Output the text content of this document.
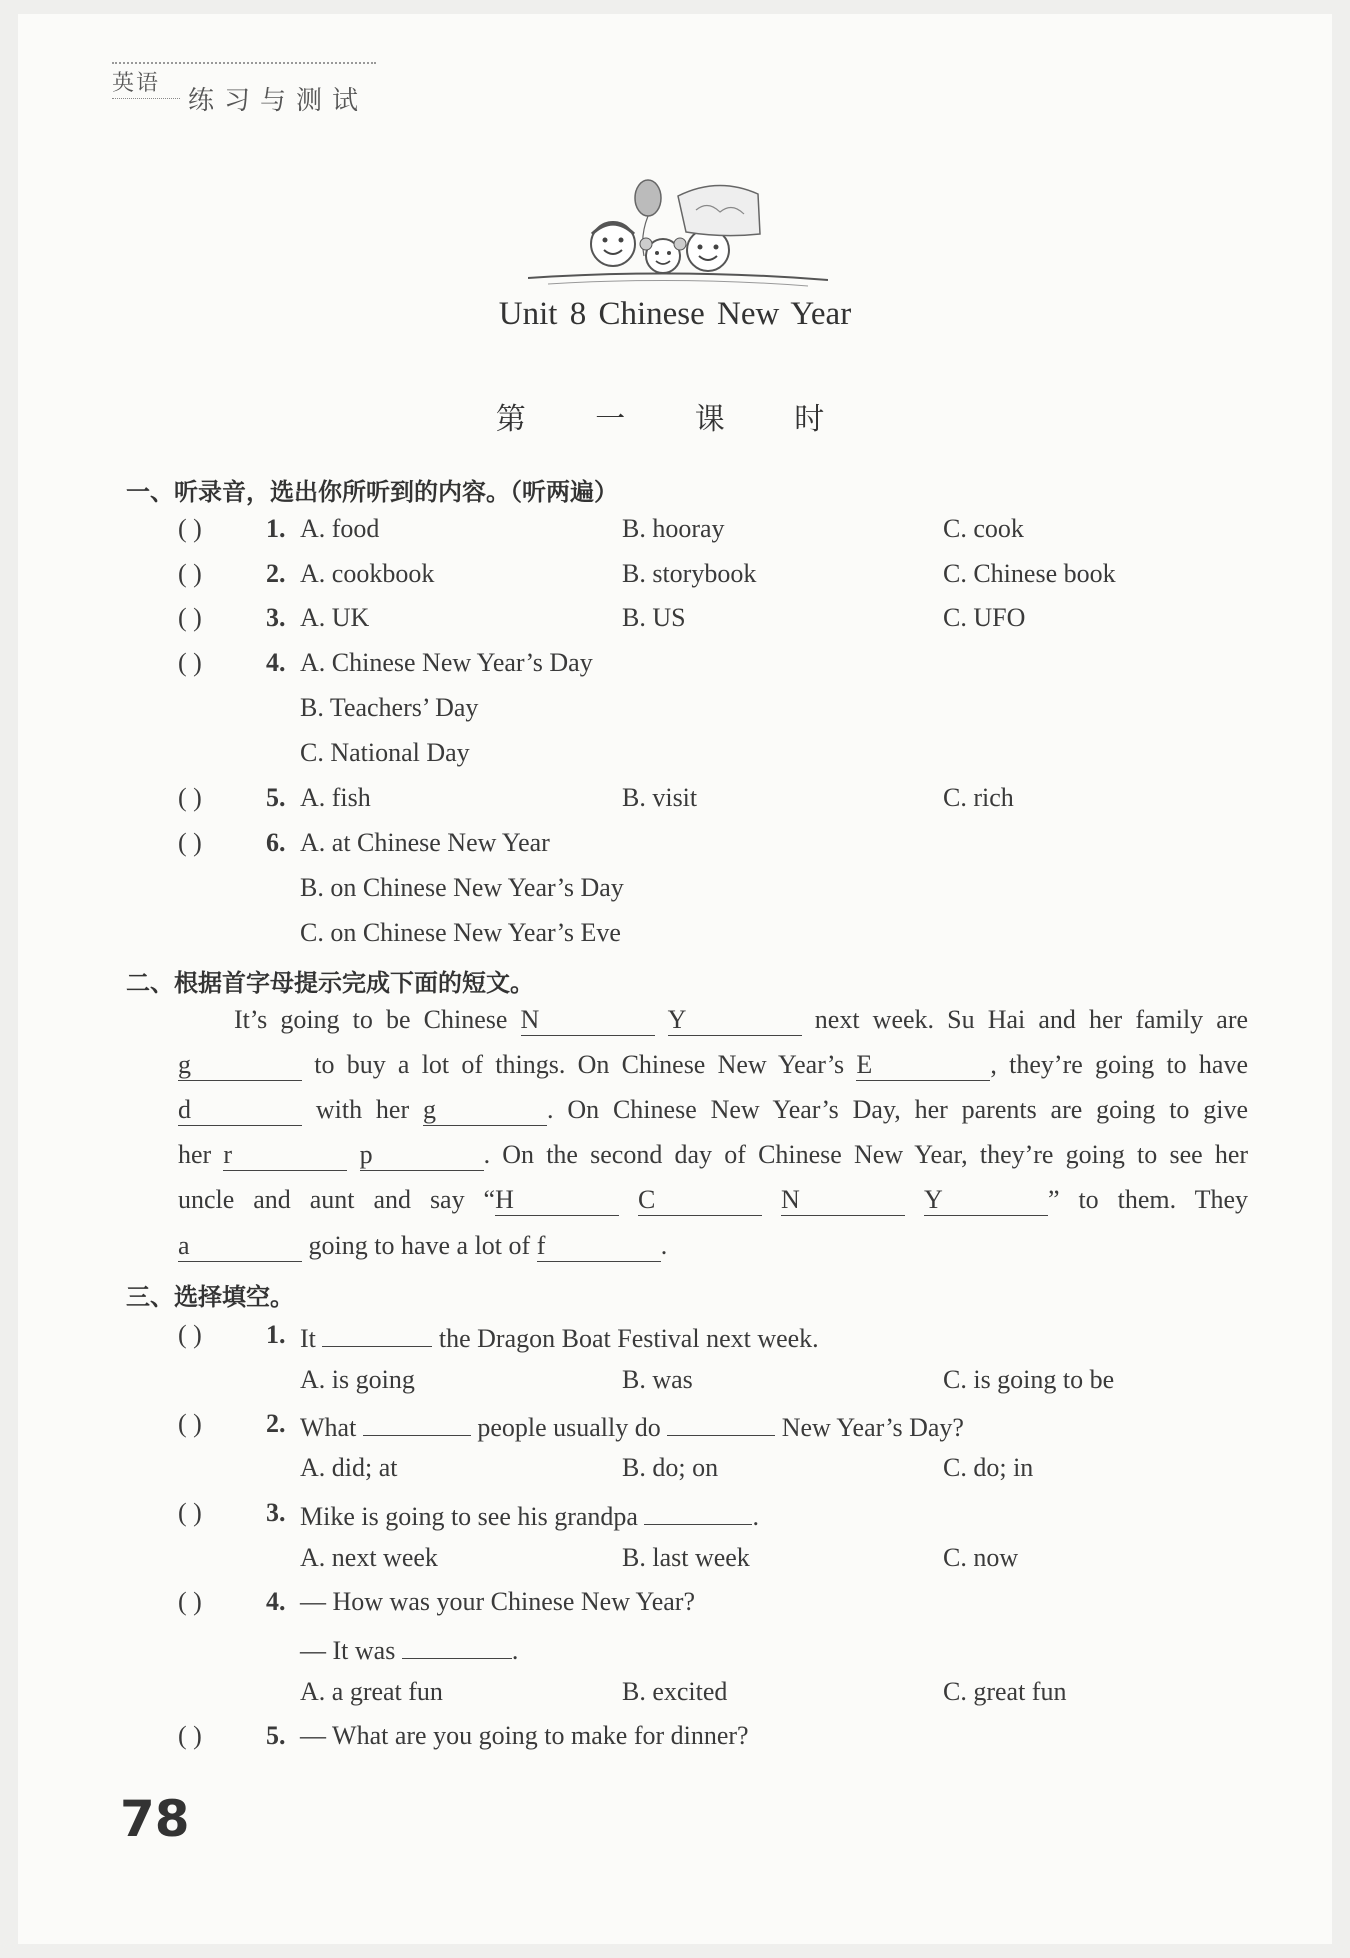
英语
练习与测试
Unit 8 Chinese New Year
第 一 课 时
一、听录音，选出你所听到的内容。（听两遍）
( ) 1. A. food	B. hooray	C. cook
( ) 2. A. cookbook	B. storybook	C. Chinese book
( ) 3. A. UK	B. US	C. UFO
( ) 4. A. Chinese New Year’s Day
B. Teachers’ Day
C. National Day
( ) 5. A. fish	B. visit	C. rich
( ) 6. A. at Chinese New Year
B. on Chinese New Year’s Day
C. on Chinese New Year’s Eve
二、根据首字母提示完成下面的短文。
It’s going to be Chinese N	Y	next week. Su Hai and her family are
g	to buy a lot of things. On Chinese New Year’s E	, they’re going to have
d	with her g	. On Chinese New Year’s Day, her parents are going to give
her r	p	. On the second day of Chinese New Year, they’re going to see her
uncle and aunt and say “H	C	N	Y	” to them. They
a	going to have a lot of f	.
三、选择填空。
( ) 1. It	the Dragon Boat Festival next week.
A. is going	B. was	C. is going to be
( ) 2. What	people usually do	New Year’s Day?
A. did; at	B. do; on	C. do; in
( ) 3. Mike is going to see his grandpa	.
A. next week	B. last week	C. now
( ) 4. — How was your Chinese New Year?
— It was	.
A. a great fun	B. excited	C. great fun
( ) 5. — What are you going to make for dinner?
78
